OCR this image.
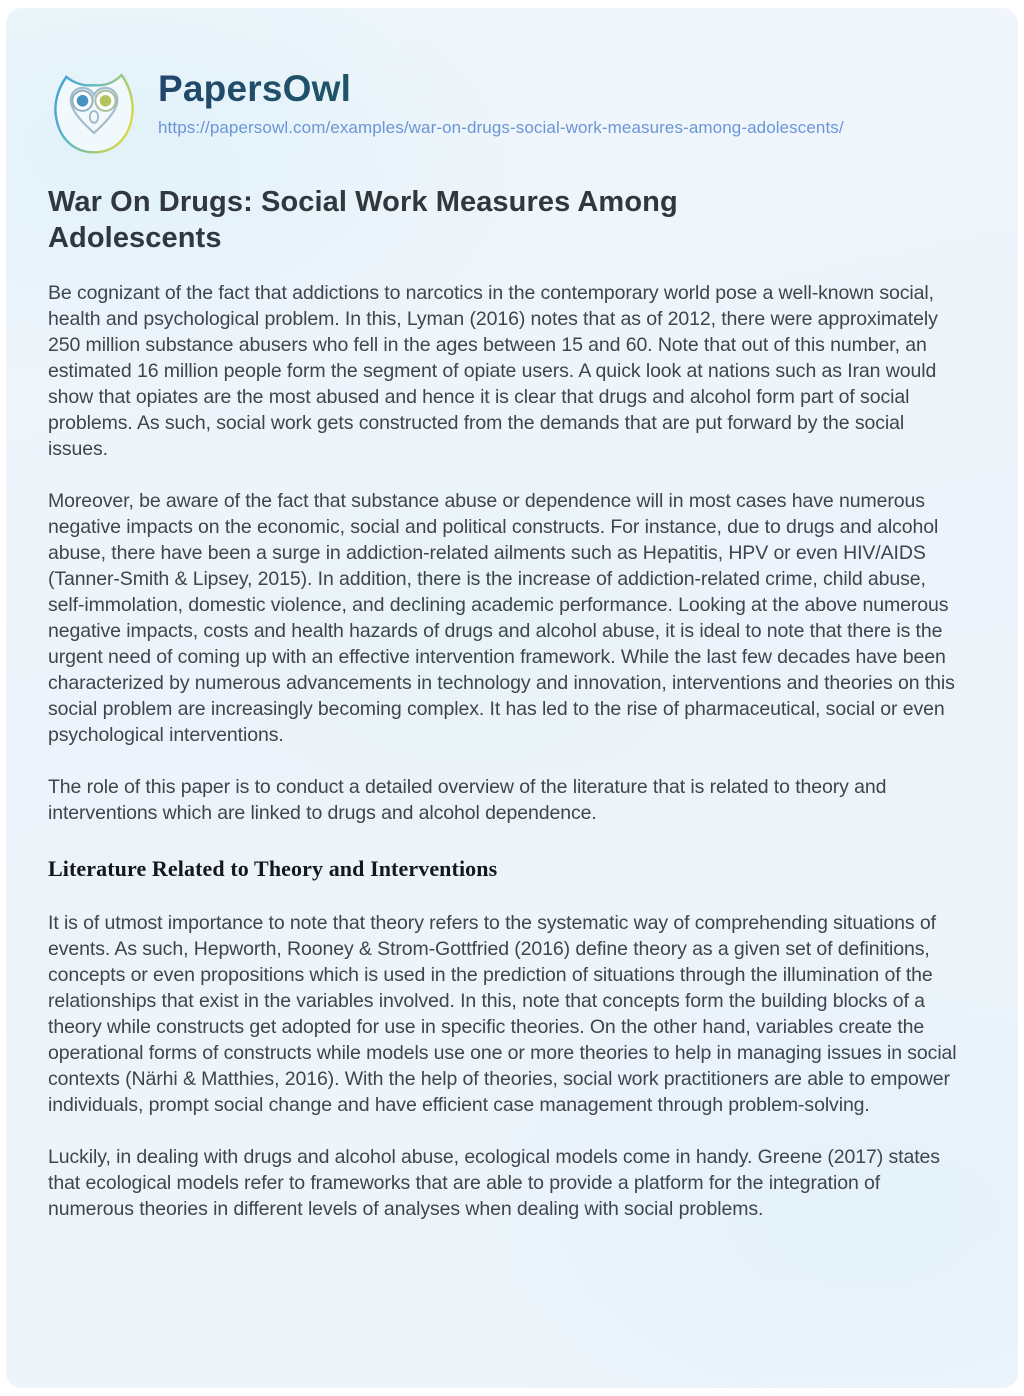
PapersOwl
https://papersowl.com/examples/war-on-drugs-social-work-measures-among-adolescents/
War On Drugs: Social Work Measures Among Adolescents

Be cognizant of the fact that addictions to narcotics in the contemporary world pose a well-known social, health and psychological problem. In this, Lyman (2016) notes that as of 2012, there were approximately 250 million substance abusers who fell in the ages between 15 and 60. Note that out of this number, an estimated 16 million people form the segment of opiate users. A quick look at nations such as Iran would show that opiates are the most abused and hence it is clear that drugs and alcohol form part of social problems. As such, social work gets constructed from the demands that are put forward by the social issues.

Moreover, be aware of the fact that substance abuse or dependence will in most cases have numerous negative impacts on the economic, social and political constructs. For instance, due to drugs and alcohol abuse, there have been a surge in addiction-related ailments such as Hepatitis, HPV or even HIV/AIDS (Tanner-Smith & Lipsey, 2015). In addition, there is the increase of addiction-related crime, child abuse, self-immolation, domestic violence, and declining academic performance. Looking at the above numerous negative impacts, costs and health hazards of drugs and alcohol abuse, it is ideal to note that there is the urgent need of coming up with an effective intervention framework. While the last few decades have been characterized by numerous advancements in technology and innovation, interventions and theories on this social problem are increasingly becoming complex. It has led to the rise of pharmaceutical, social or even psychological interventions.

The role of this paper is to conduct a detailed overview of the literature that is related to theory and interventions which are linked to drugs and alcohol dependence.

Literature Related to Theory and Interventions

It is of utmost importance to note that theory refers to the systematic way of comprehending situations of events. As such, Hepworth, Rooney & Strom-Gottfried (2016) define theory as a given set of definitions, concepts or even propositions which is used in the prediction of situations through the illumination of the relationships that exist in the variables involved. In this, note that concepts form the building blocks of a theory while constructs get adopted for use in specific theories. On the other hand, variables create the operational forms of constructs while models use one or more theories to help in managing issues in social contexts (Närhi & Matthies, 2016). With the help of theories, social work practitioners are able to empower individuals, prompt social change and have efficient case management through problem-solving.

Luckily, in dealing with drugs and alcohol abuse, ecological models come in handy. Greene (2017) states that ecological models refer to frameworks that are able to provide a platform for the integration of numerous theories in different levels of analyses when dealing with social problems.
